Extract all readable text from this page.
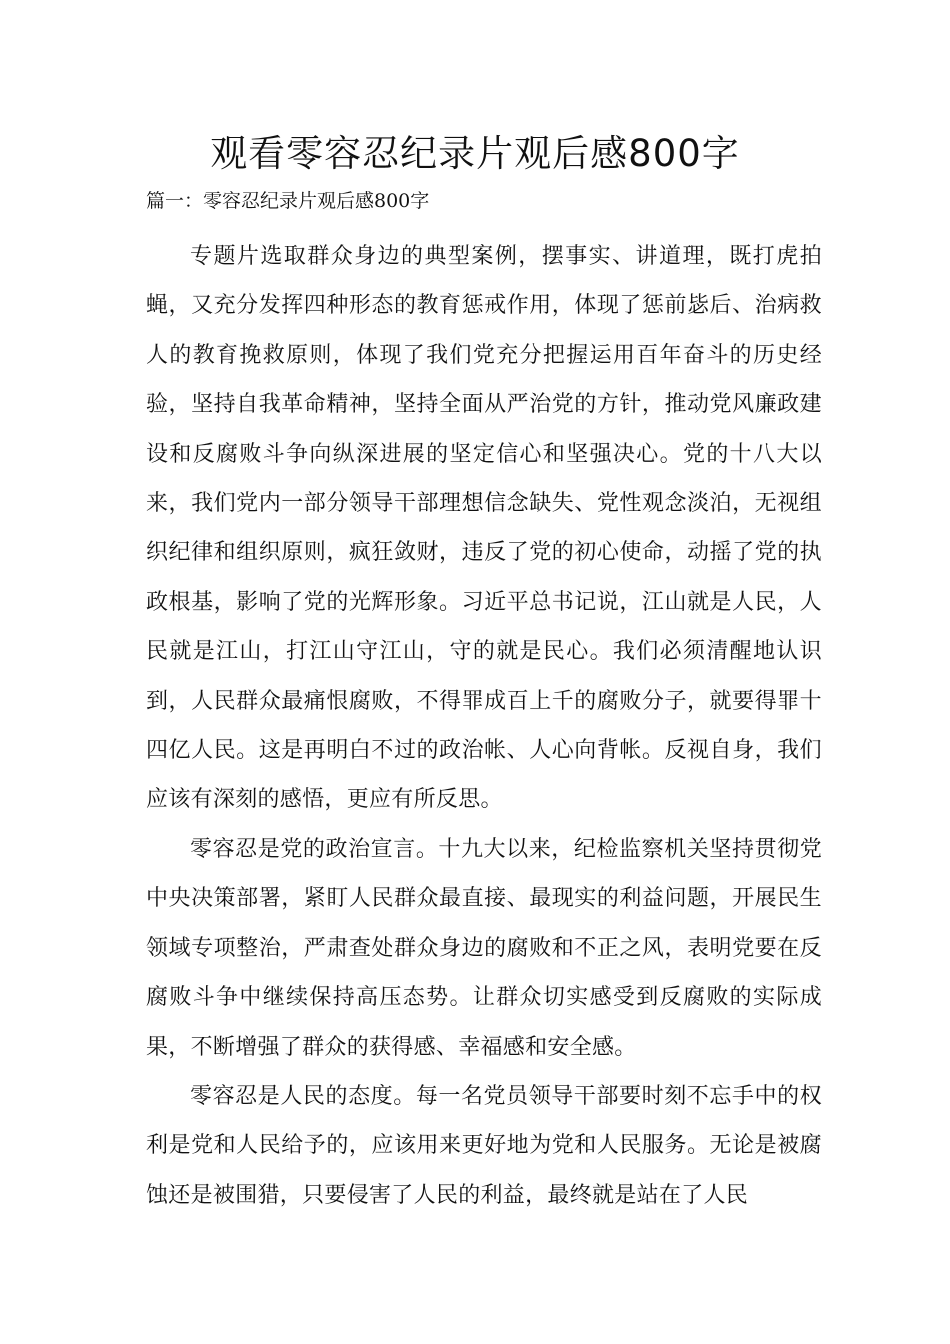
观看零容忍纪录片观后感800字
篇一：零容忍纪录片观后感800字

专题片选取群众身边的典型案例，摆事实、讲道理，既打虎拍蝇，又充分发挥四种形态的教育惩戒作用，体现了惩前毖后、治病救人的教育挽救原则，体现了我们党充分把握运用百年奋斗的历史经验，坚持自我革命精神，坚持全面从严治党的方针，推动党风廉政建设和反腐败斗争向纵深进展的坚定信心和坚强决心。党的十八大以来，我们党内一部分领导干部理想信念缺失、党性观念淡泊，无视组织纪律和组织原则，疯狂敛财，违反了党的初心使命，动摇了党的执政根基，影响了党的光辉形象。习近平总书记说，江山就是人民，人民就是江山，打江山守江山，守的就是民心。我们必须清醒地认识到，人民群众最痛恨腐败，不得罪成百上千的腐败分子，就要得罪十四亿人民。这是再明白不过的政治帐、人心向背帐。反视自身，我们应该有深刻的感悟，更应有所反思。

零容忍是党的政治宣言。十九大以来，纪检监察机关坚持贯彻党中央决策部署，紧盯人民群众最直接、最现实的利益问题，开展民生领域专项整治，严肃查处群众身边的腐败和不正之风，表明党要在反腐败斗争中继续保持高压态势。让群众切实感受到反腐败的实际成果，不断增强了群众的获得感、幸福感和安全感。

零容忍是人民的态度。每一名党员领导干部要时刻不忘手中的权利是党和人民给予的，应该用来更好地为党和人民服务。无论是被腐蚀还是被围猎，只要侵害了人民的利益，最终就是站在了人民
